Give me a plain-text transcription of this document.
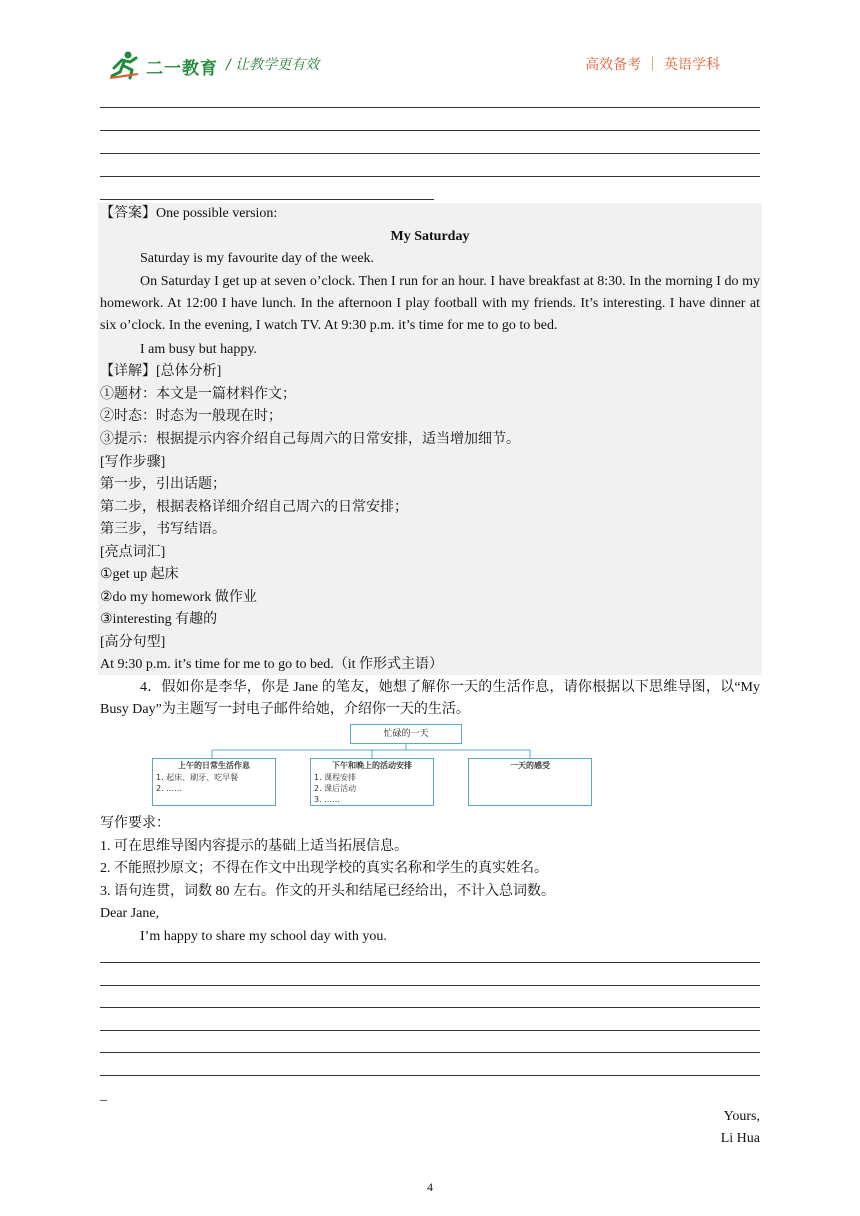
二一教育 / 让教学更有效	高效备考 ｜ 英语学科
【答案】One possible version:
My Saturday
Saturday is my favourite day of the week.
On Saturday I get up at seven o’clock. Then I run for an hour. I have breakfast at 8:30. In the morning I do my homework. At 12:00 I have lunch. In the afternoon I play football with my friends. It’s interesting. I have dinner at six o’clock. In the evening, I watch TV. At 9:30 p.m. it’s time for me to go to bed.
I am busy but happy.
【详解】[总体分析]
①题材：本文是一篇材料作文；
②时态：时态为一般现在时；
③提示：根据提示内容介绍自己每周六的日常安排，适当增加细节。
[写作步骤]
第一步，引出话题；
第二步，根据表格详细介绍自己周六的日常安排；
第三步，书写结语。
[亮点词汇]
①get up 起床
②do my homework 做作业
③interesting 有趣的
[高分句型]
At 9:30 p.m. it’s time for me to go to bed.（it 作形式主语）
4．假如你是李华，你是 Jane 的笔友，她想了解你一天的生活作息，请你根据以下思维导图，以“My Busy Day”为主题写一封电子邮件给她，介绍你一天的生活。
忙碌的一天
上午的日常生活作息
1. 起床、刷牙、吃早餐
2. ……
下午和晚上的活动安排
1. 课程安排
2. 课后活动
3. ……
一天的感受
写作要求：
1. 可在思维导图内容提示的基础上适当拓展信息。
2. 不能照抄原文；不得在作文中出现学校的真实名称和学生的真实姓名。
3. 语句连贯，词数 80 左右。作文的开头和结尾已经给出，不计入总词数。
Dear Jane,
I’m happy to share my school day with you.
_
Yours,
Li Hua
4
